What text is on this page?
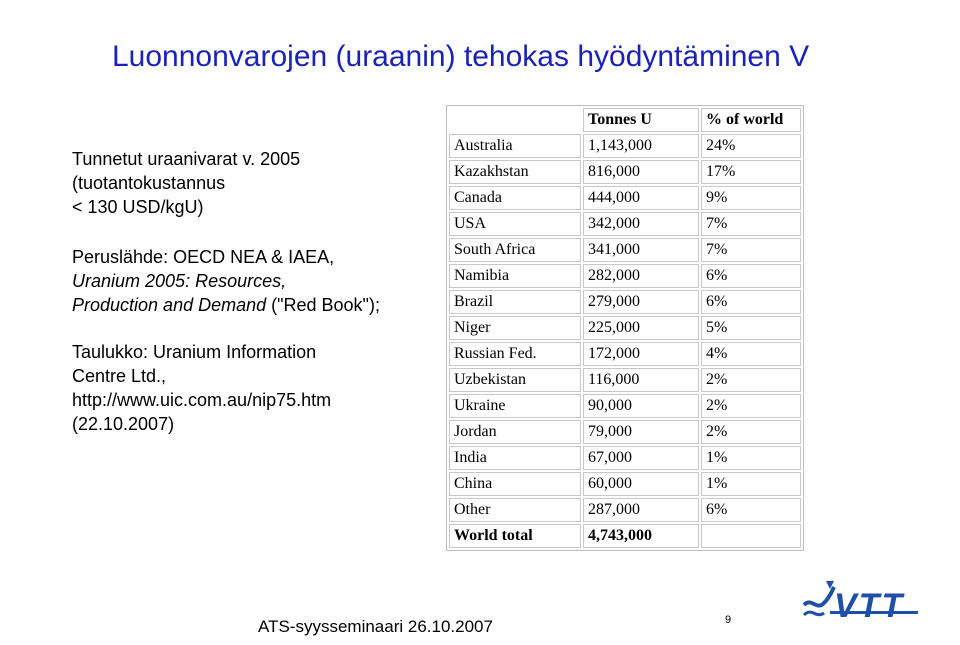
Luonnonvarojen (uraanin) tehokas hyödyntäminen V
Tunnetut uraanivarat v. 2005
(tuotantokustannus
< 130 USD/kgU)
Peruslähde: OECD NEA & IAEA,
Uranium 2005: Resources,
Production and Demand ("Red Book");
Taulukko: Uranium Information
Centre Ltd.,
http://www.uic.com.au/nip75.htm
(22.10.2007)
	Tonnes U	% of world
Australia	1,143,000	24%
Kazakhstan	816,000	17%
Canada	444,000	9%
USA	342,000	7%
South Africa	341,000	7%
Namibia	282,000	6%
Brazil	279,000	6%
Niger	225,000	5%
Russian Fed.	172,000	4%
Uzbekistan	116,000	2%
Ukraine	90,000	2%
Jordan	79,000	2%
India	67,000	1%
China	60,000	1%
Other	287,000	6%
World total	4,743,000	
ATS-syysseminaari 26.10.2007	9	VTT
